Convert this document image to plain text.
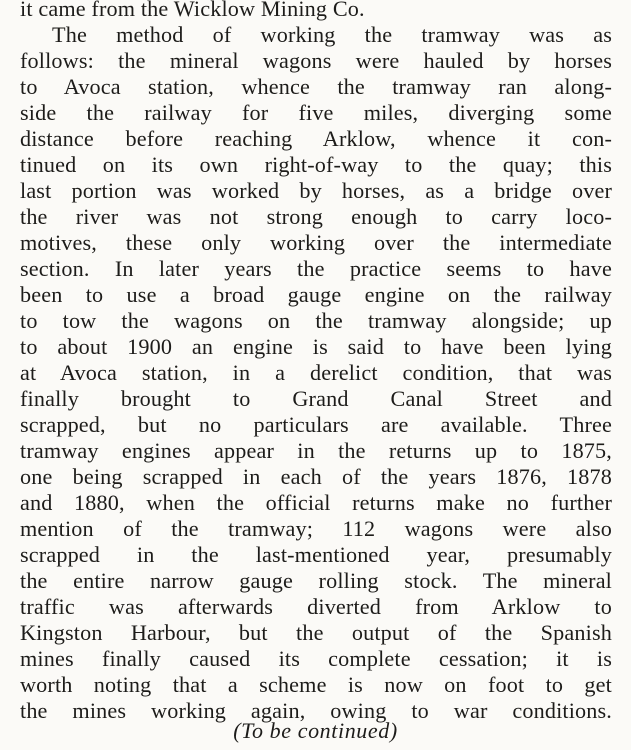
it came from the Wicklow Mining Co.
The method of working the tramway was as
follows: the mineral wagons were hauled by horses
to Avoca station, whence the tramway ran along-
side the railway for five miles, diverging some
distance before reaching Arklow, whence it con-
tinued on its own right-of-way to the quay; this
last portion was worked by horses, as a bridge over
the river was not strong enough to carry loco-
motives, these only working over the intermediate
section. In later years the practice seems to have
been to use a broad gauge engine on the railway
to tow the wagons on the tramway alongside; up
to about 1900 an engine is said to have been lying
at Avoca station, in a derelict condition, that was
finally brought to Grand Canal Street and
scrapped, but no particulars are available. Three
tramway engines appear in the returns up to 1875,
one being scrapped in each of the years 1876, 1878
and 1880, when the official returns make no further
mention of the tramway; 112 wagons were also
scrapped in the last-mentioned year, presumably
the entire narrow gauge rolling stock. The mineral
traffic was afterwards diverted from Arklow to
Kingston Harbour, but the output of the Spanish
mines finally caused its complete cessation; it is
worth noting that a scheme is now on foot to get
the mines working again, owing to war conditions.
(To be continued)
